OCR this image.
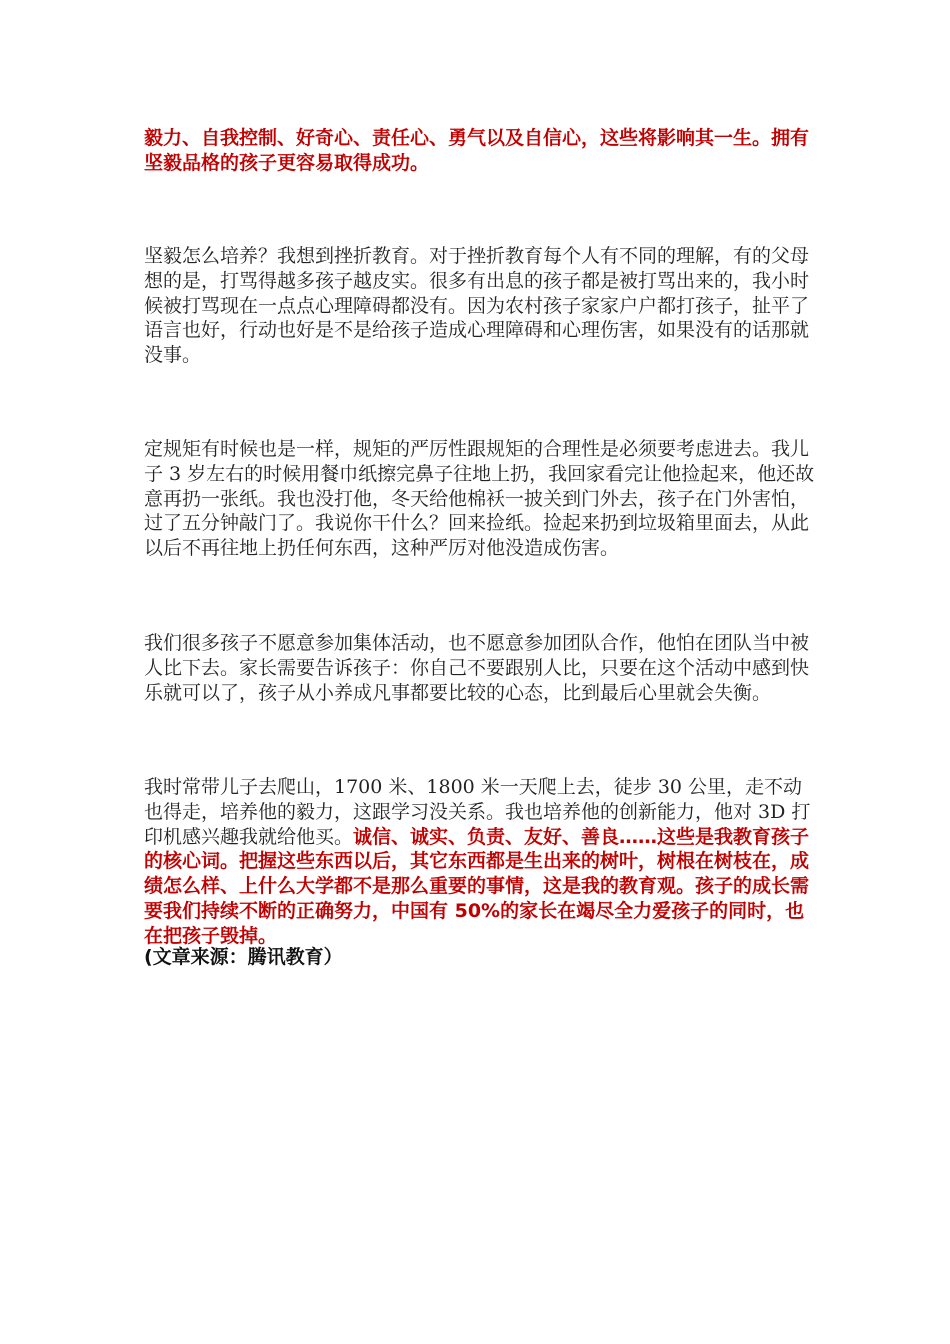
毅力、自我控制、好奇心、责任心、勇气以及自信心，这些将影响其一生。拥有坚毅品格的孩子更容易取得成功。

坚毅怎么培养？我想到挫折教育。对于挫折教育每个人有不同的理解，有的父母想的是，打骂得越多孩子越皮实。很多有出息的孩子都是被打骂出来的，我小时候被打骂现在一点点心理障碍都没有。因为农村孩子家家户户都打孩子，扯平了语言也好，行动也好是不是给孩子造成心理障碍和心理伤害，如果没有的话那就没事。

定规矩有时候也是一样，规矩的严厉性跟规矩的合理性是必须要考虑进去。我儿子 3 岁左右的时候用餐巾纸擦完鼻子往地上扔，我回家看完让他捡起来，他还故意再扔一张纸。我也没打他，冬天给他棉袄一披关到门外去，孩子在门外害怕，过了五分钟敲门了。我说你干什么？回来捡纸。捡起来扔到垃圾箱里面去，从此以后不再往地上扔任何东西，这种严厉对他没造成伤害。

我们很多孩子不愿意参加集体活动，也不愿意参加团队合作，他怕在团队当中被人比下去。家长需要告诉孩子：你自己不要跟别人比，只要在这个活动中感到快乐就可以了，孩子从小养成凡事都要比较的心态，比到最后心里就会失衡。

我时常带儿子去爬山，1700 米、1800 米一天爬上去，徒步 30 公里，走不动也得走，培养他的毅力，这跟学习没关系。我也培养他的创新能力，他对 3D 打印机感兴趣我就给他买。诚信、诚实、负责、友好、善良……这些是我教育孩子的核心词。把握这些东西以后，其它东西都是生出来的树叶，树根在树枝在，成绩怎么样、上什么大学都不是那么重要的事情，这是我的教育观。孩子的成长需要我们持续不断的正确努力，中国有 50%的家长在竭尽全力爱孩子的同时，也在把孩子毁掉。

(文章来源：腾讯教育）
